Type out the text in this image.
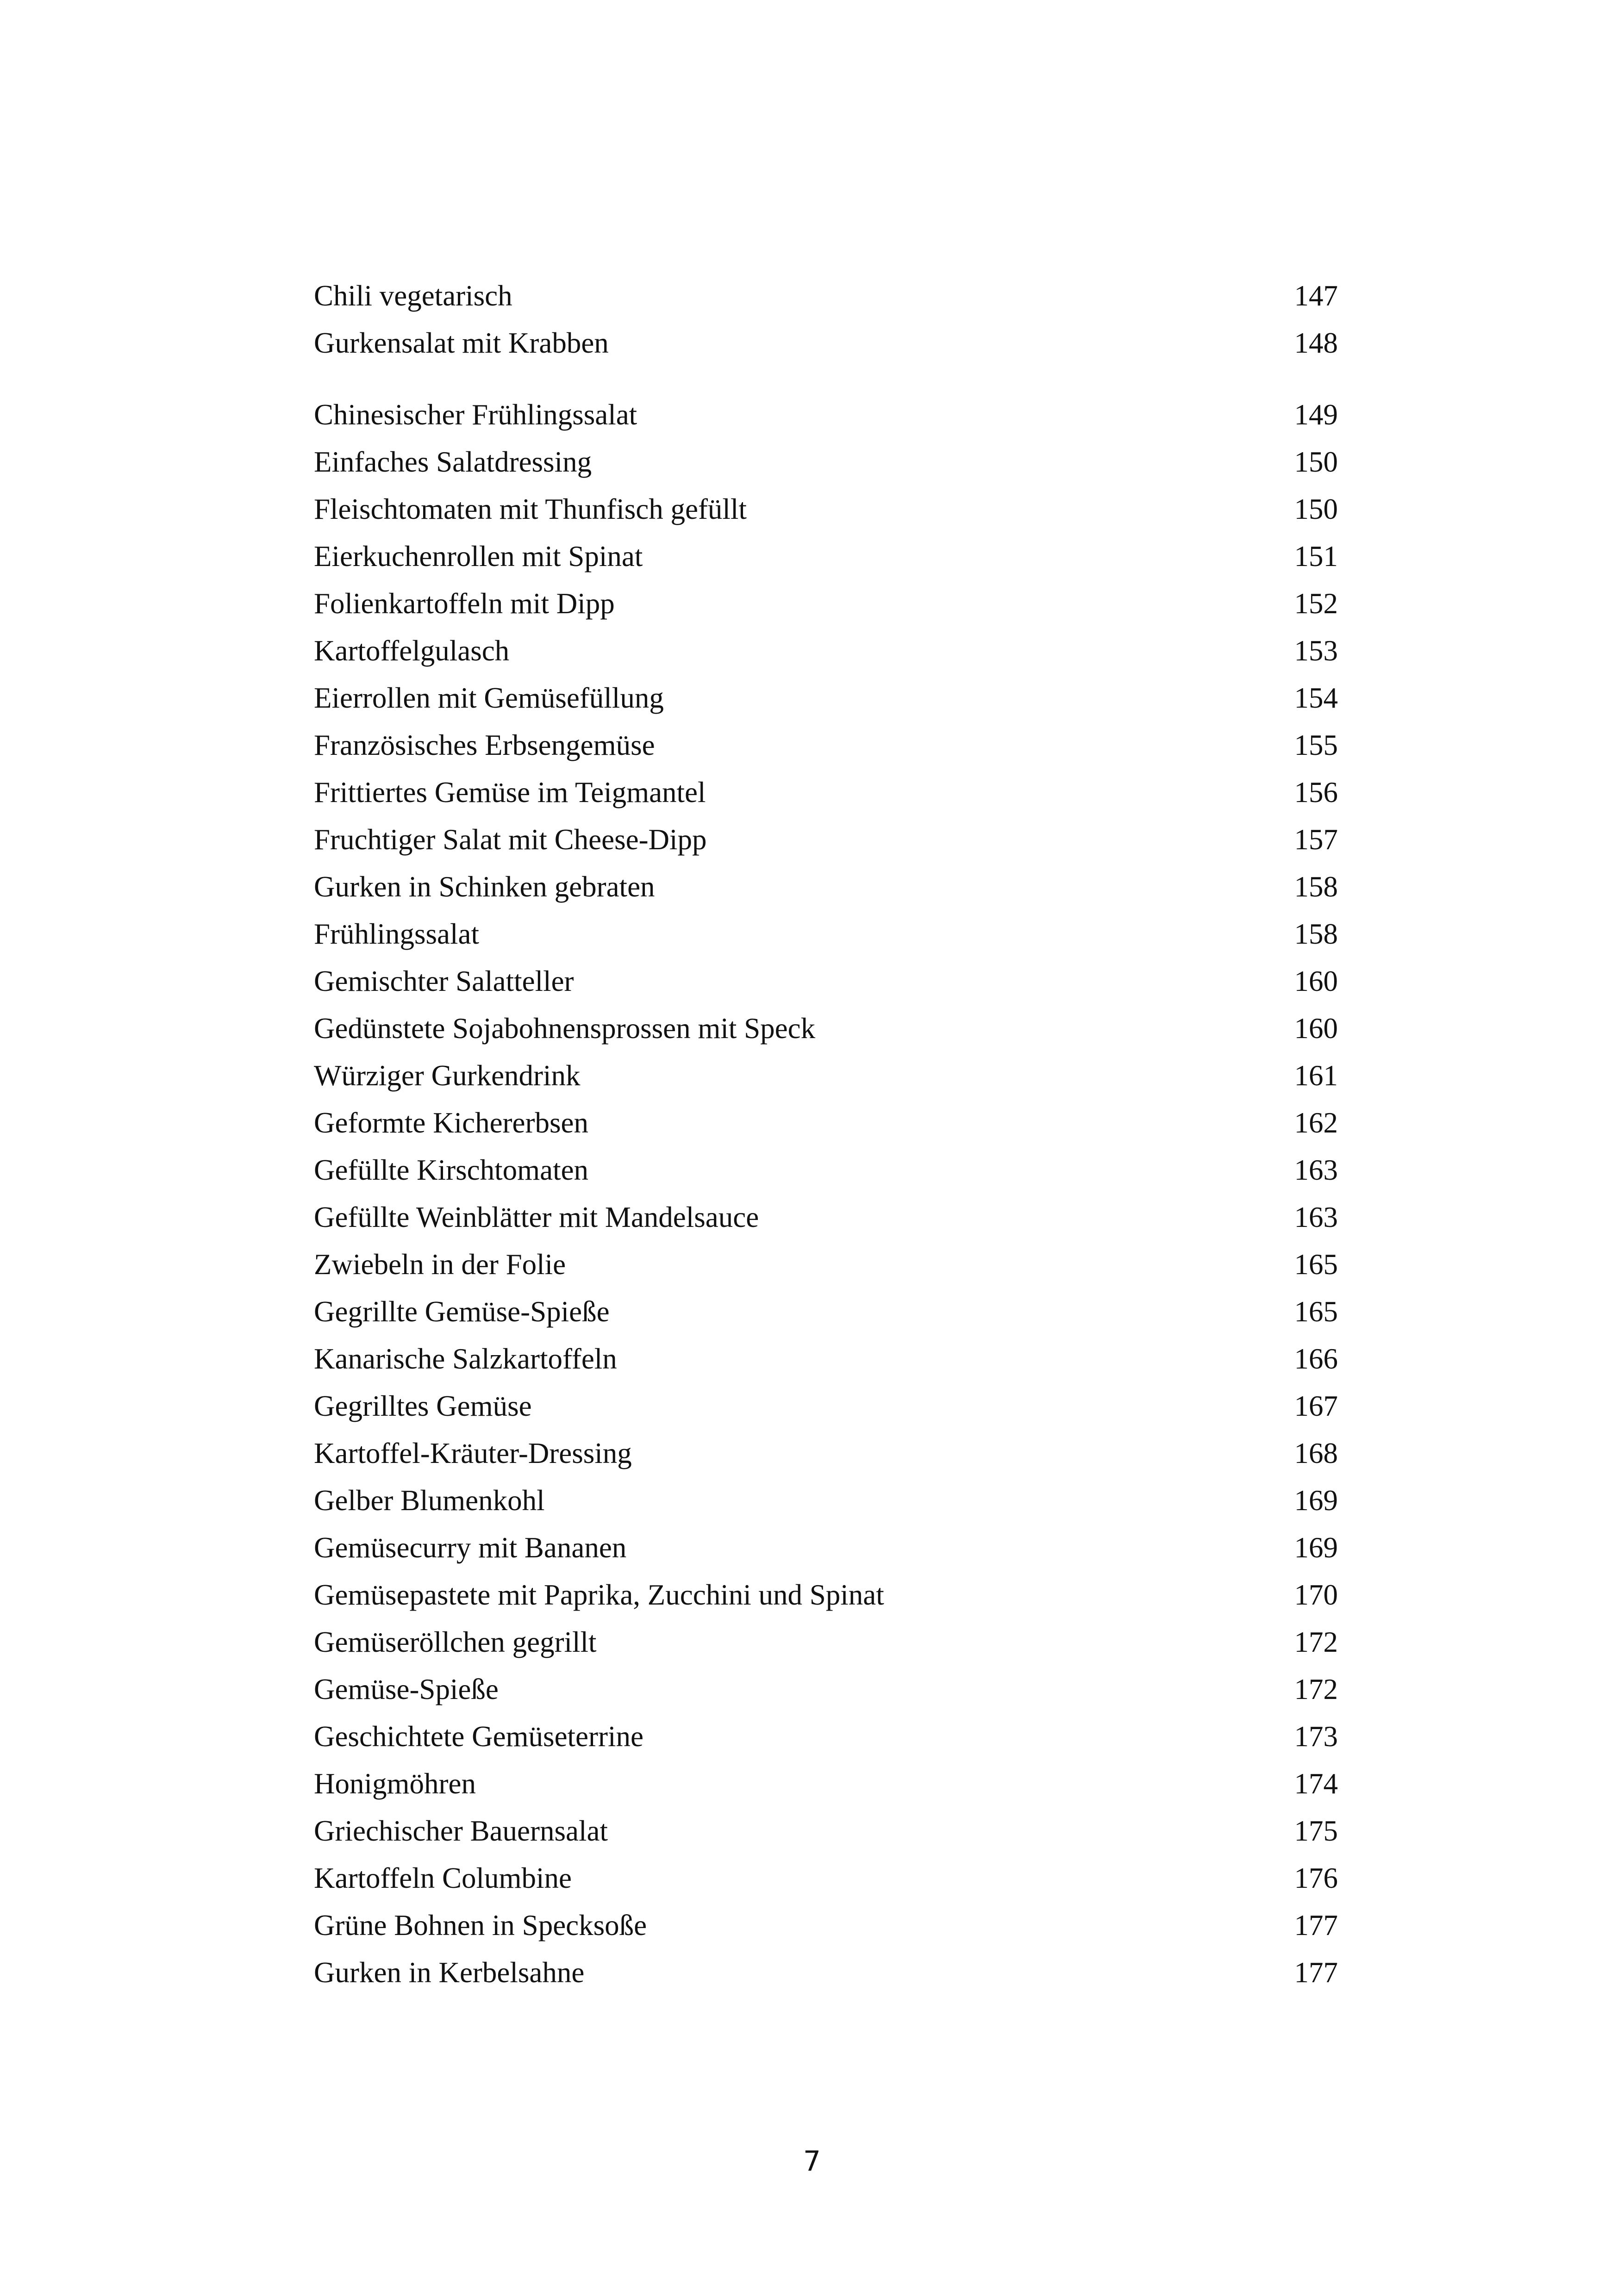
Chili vegetarisch	147
Gurkensalat mit Krabben	148
Chinesischer Frühlingssalat	149
Einfaches Salatdressing	150
Fleischtomaten mit Thunfisch gefüllt	150
Eierkuchenrollen mit Spinat	151
Folienkartoffeln mit Dipp	152
Kartoffelgulasch	153
Eierrollen mit Gemüsefüllung	154
Französisches Erbsengemüse	155
Frittiertes Gemüse im Teigmantel	156
Fruchtiger Salat mit Cheese-Dipp	157
Gurken in Schinken gebraten	158
Frühlingssalat	158
Gemischter Salatteller	160
Gedünstete Sojabohnensprossen mit Speck	160
Würziger Gurkendrink	161
Geformte Kichererbsen	162
Gefüllte Kirschtomaten	163
Gefüllte Weinblätter mit Mandelsauce	163
Zwiebeln in der Folie	165
Gegrillte Gemüse-Spieße	165
Kanarische Salzkartoffeln	166
Gegrilltes Gemüse	167
Kartoffel-Kräuter-Dressing	168
Gelber Blumenkohl	169
Gemüsecurry mit Bananen	169
Gemüsepastete mit Paprika, Zucchini und Spinat	170
Gemüseröllchen gegrillt	172
Gemüse-Spieße	172
Geschichtete Gemüseterrine	173
Honigmöhren	174
Griechischer Bauernsalat	175
Kartoffeln Columbine	176
Grüne Bohnen in Specksoße	177
Gurken in Kerbelsahne	177
7
